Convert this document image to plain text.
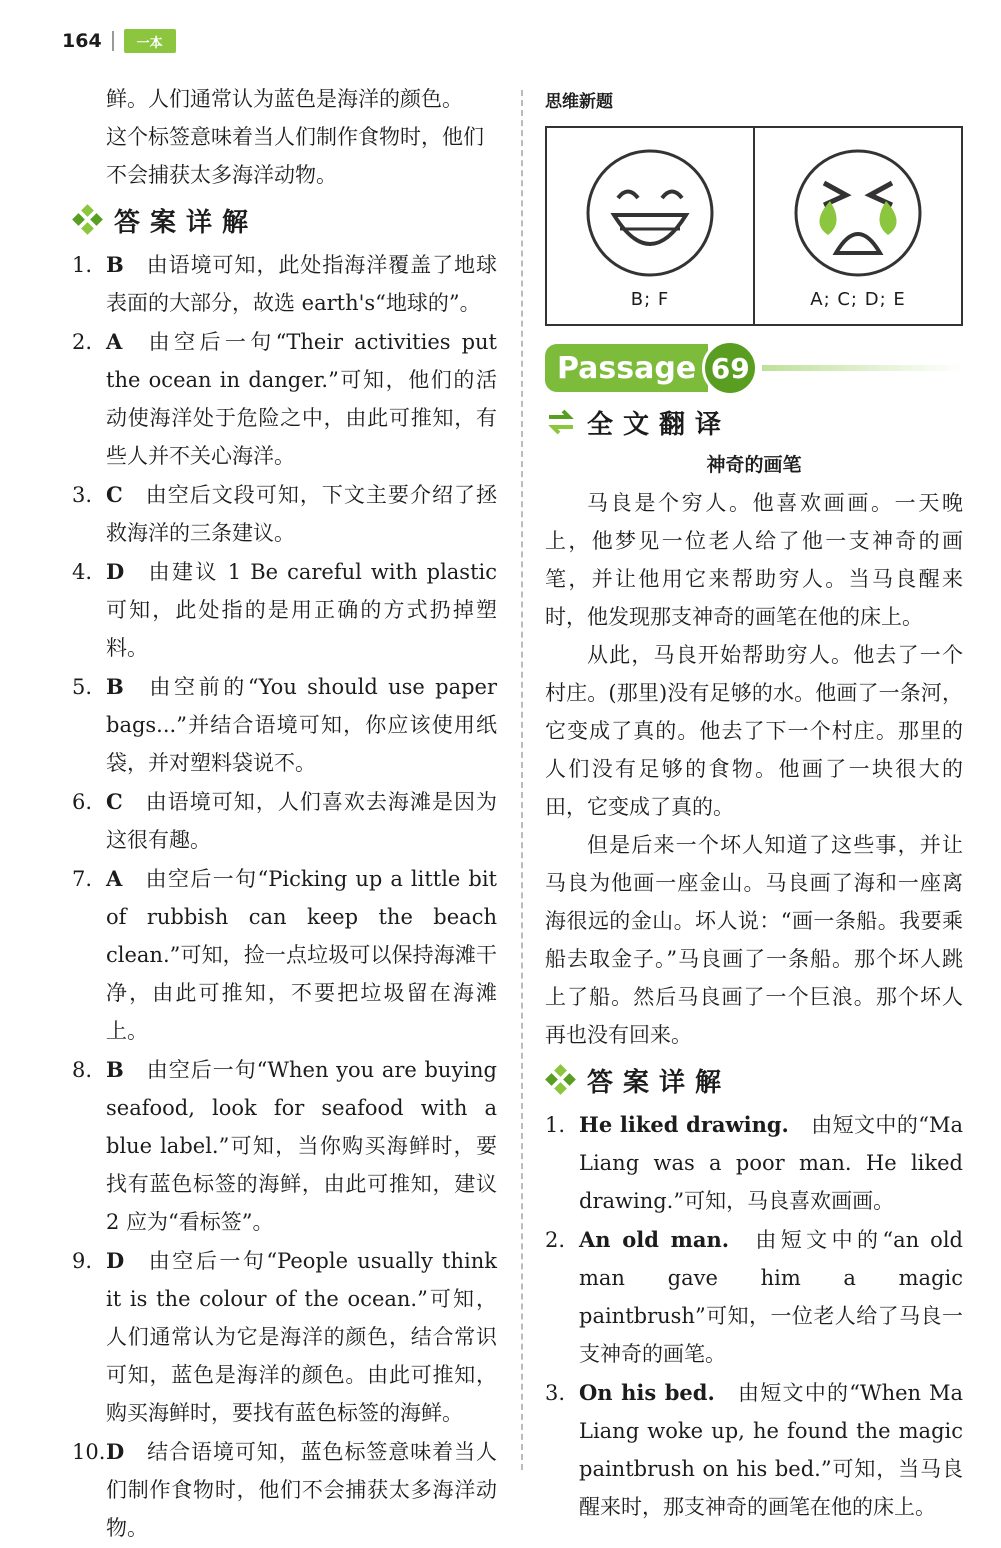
164	一本

鲜。人们通常认为蓝色是海洋的颜色。

这个标签意味着当人们制作食物时，他们

不会捕获太多海洋动物。

答案详解
1. B 由语境可知，此处指海洋覆盖了地球表面的大部分，故选 earth's“地球的”。
2. A 由空后一句“Their activities put the ocean in danger.”可知，他们的活动使海洋处于危险之中，由此可推知，有些人并不关心海洋。
3. C 由空后文段可知，下文主要介绍了拯救海洋的三条建议。
4. D 由建议 1 Be careful with plastic 可知，此处指的是用正确的方式扔掉塑料。
5. B 由空前的“You should use paper bags...”并结合语境可知，你应该使用纸袋，并对塑料袋说不。
6. C 由语境可知，人们喜欢去海滩是因为这很有趣。
7. A 由空后一句“Picking up a little bit of rubbish can keep the beach clean.”可知，捡一点垃圾可以保持海滩干净，由此可推知，不要把垃圾留在海滩上。
8. B 由空后一句“When you are buying seafood, look for seafood with a blue label.”可知，当你购买海鲜时，要找有蓝色标签的海鲜，由此可推知，建议 2 应为“看标签”。
9. D 由空后一句“People usually think it is the colour of the ocean.”可知，人们通常认为它是海洋的颜色，结合常识可知，蓝色是海洋的颜色。由此可推知，购买海鲜时，要找有蓝色标签的海鲜。
10. D 结合语境可知，蓝色标签意味着当人们制作食物时，他们不会捕获太多海洋动物。
思维新题
B; F	A; C; D; E
Passage 69
全文翻译
神奇的画笔

马良是个穷人。他喜欢画画。一天晚上，他梦见一位老人给了他一支神奇的画笔，并让他用它来帮助穷人。当马良醒来时，他发现那支神奇的画笔在他的床上。

从此，马良开始帮助穷人。他去了一个村庄。(那里)没有足够的水。他画了一条河，它变成了真的。他去了下一个村庄。那里的人们没有足够的食物。他画了一块很大的田，它变成了真的。

但是后来一个坏人知道了这些事，并让马良为他画一座金山。马良画了海和一座离海很远的金山。坏人说：“画一条船。我要乘船去取金子。”马良画了一条船。那个坏人跳上了船。然后马良画了一个巨浪。那个坏人再也没有回来。

答案详解
1. He liked drawing. 由短文中的“Ma Liang was a poor man. He liked drawing.”可知，马良喜欢画画。
2. An old man. 由短文中的“an old man gave him a magic paintbrush”可知，一位老人给了马良一支神奇的画笔。
3. On his bed. 由短文中的“When Ma Liang woke up, he found the magic paintbrush on his bed.”可知，当马良醒来时，那支神奇的画笔在他的床上。
